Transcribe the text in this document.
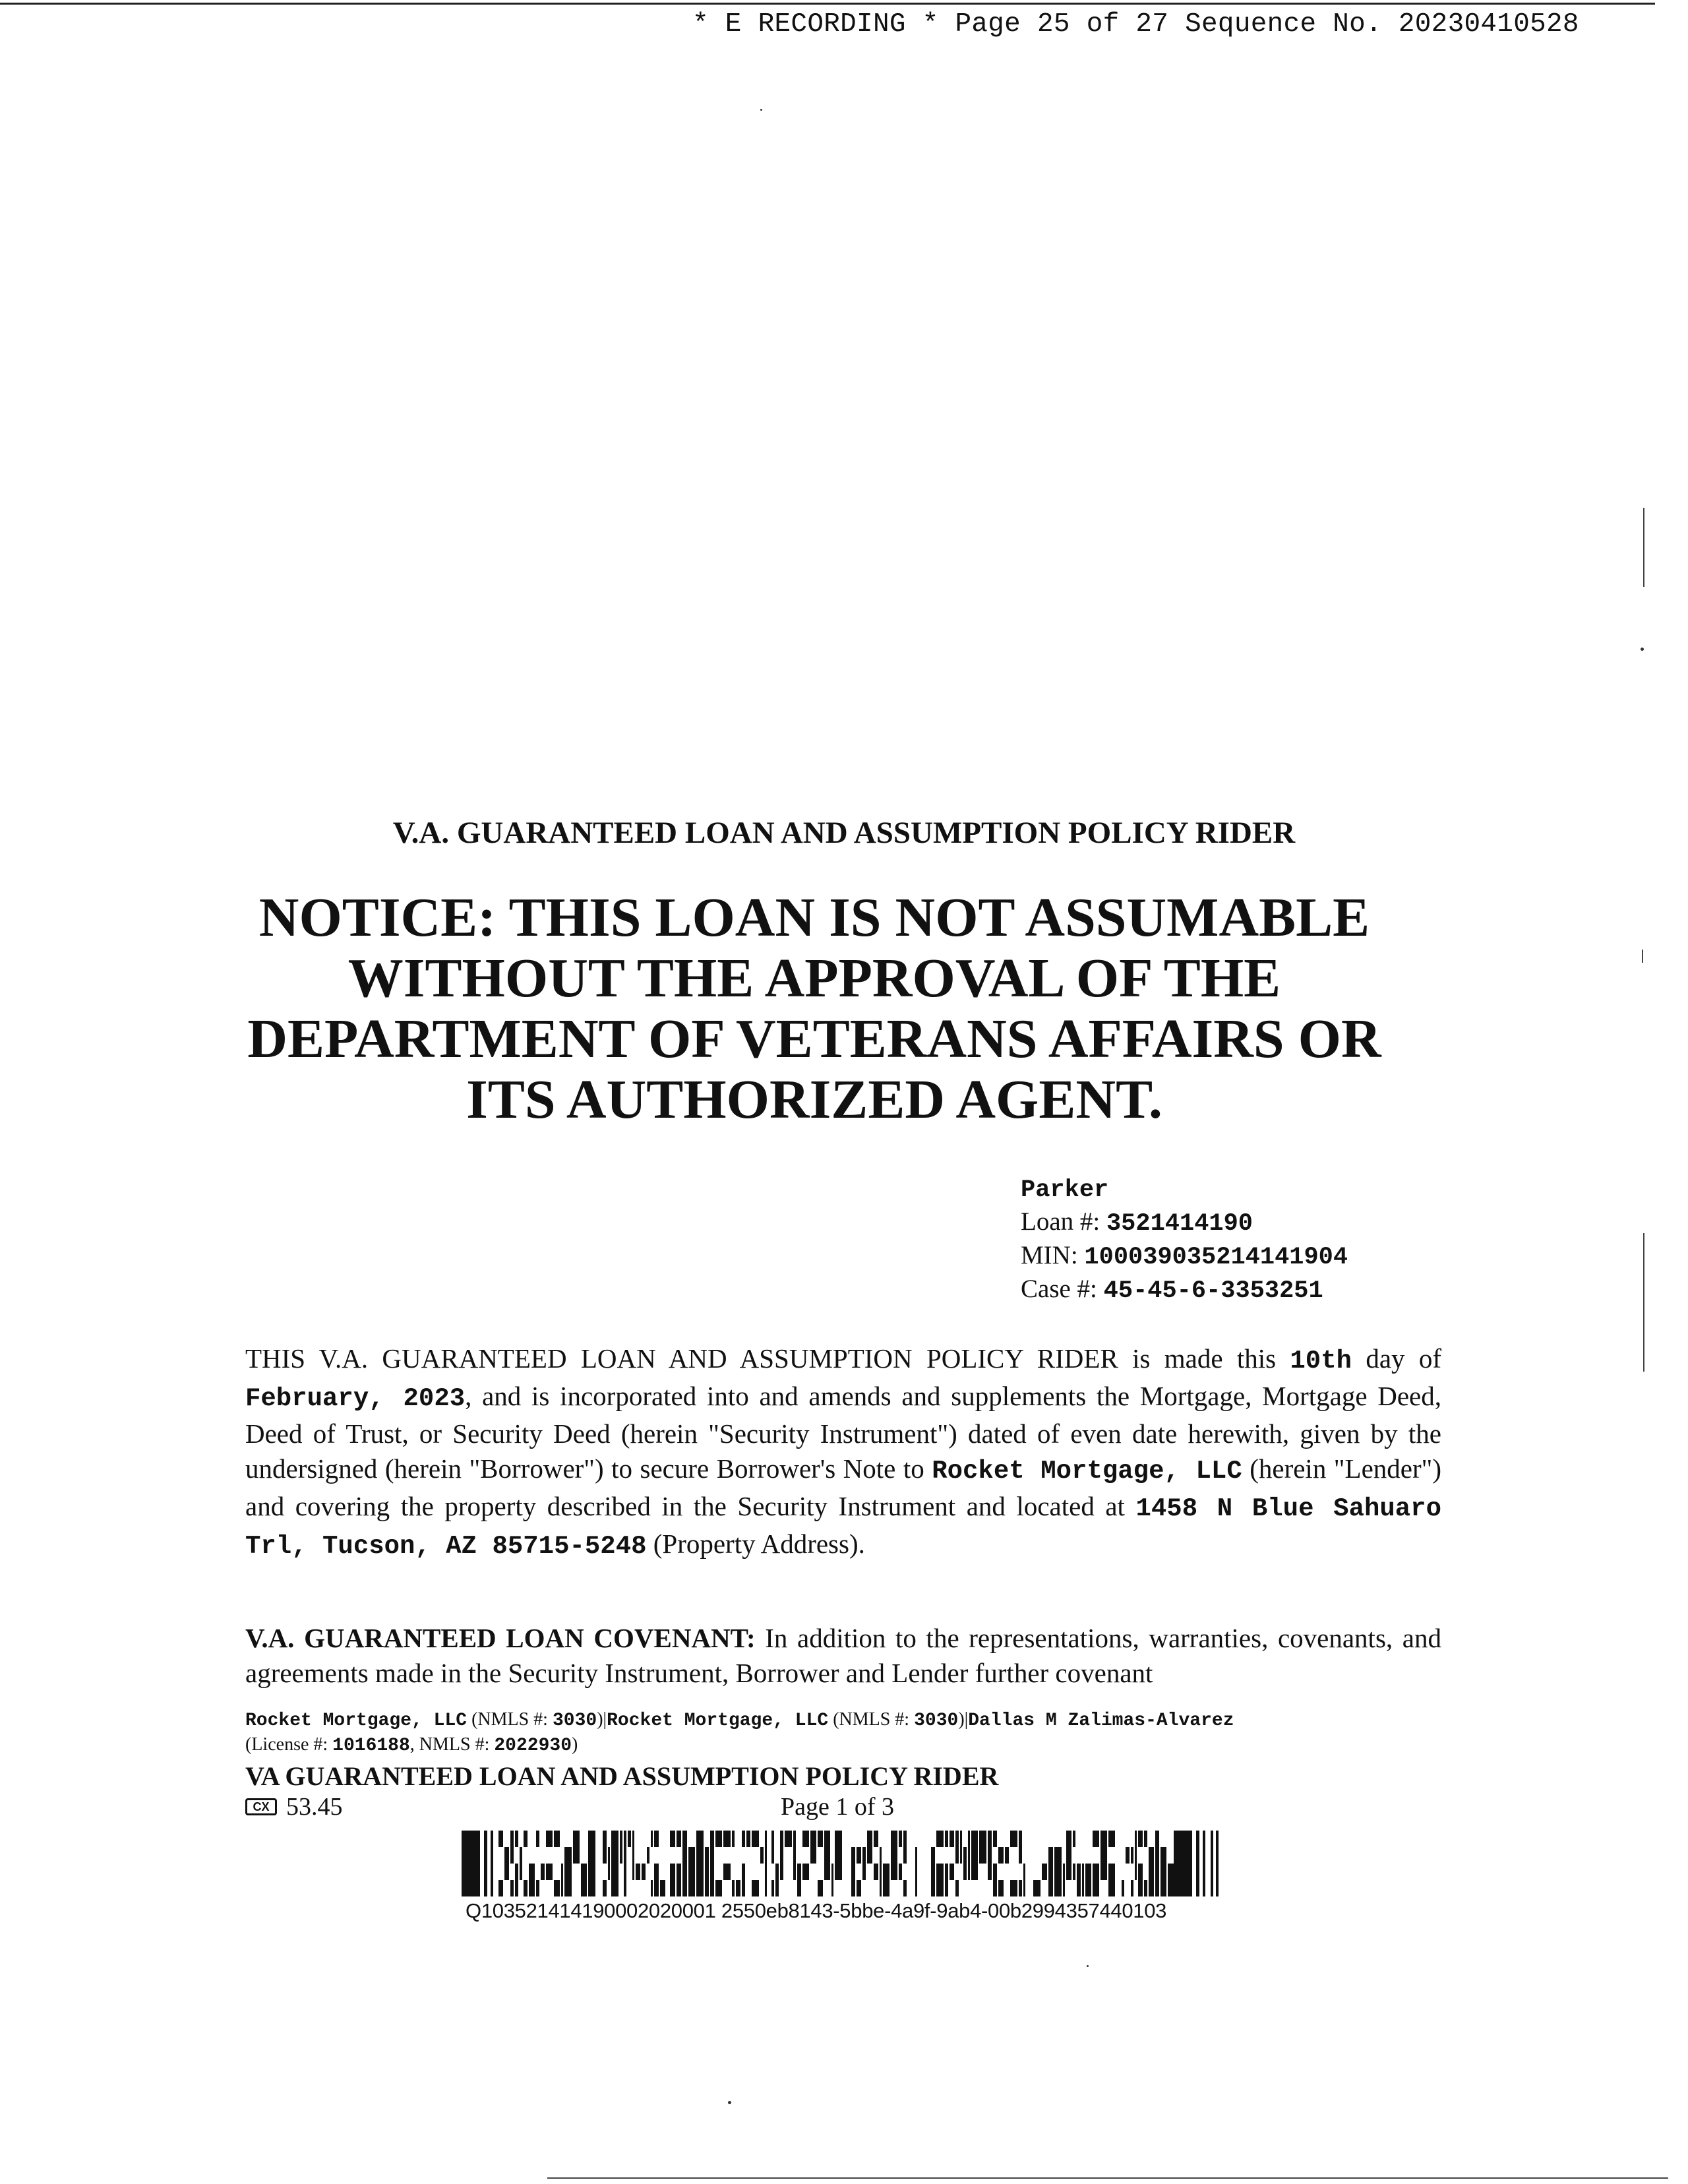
* E RECORDING * Page 25 of 27 Sequence No. 20230410528
V.A. GUARANTEED LOAN AND ASSUMPTION POLICY RIDER
NOTICE: THIS LOAN IS NOT ASSUMABLE
WITHOUT THE APPROVAL OF THE
DEPARTMENT OF VETERANS AFFAIRS OR
ITS AUTHORIZED AGENT.
Parker
Loan #: 3521414190
MIN: 100039035214141904
Case #: 45-45-6-3353251
THIS V.A. GUARANTEED LOAN AND ASSUMPTION POLICY RIDER is made this 10th day of February, 2023, and is incorporated into and amends and supplements the Mortgage, Mortgage Deed, Deed of Trust, or Security Deed (herein "Security Instrument") dated of even date herewith, given by the undersigned (herein "Borrower") to secure Borrower's Note to Rocket Mortgage, LLC (herein "Lender") and covering the property described in the Security Instrument and located at 1458 N Blue Sahuaro Trl, Tucson, AZ 85715-5248 (Property Address).
V.A. GUARANTEED LOAN COVENANT: In addition to the representations, warranties, covenants, and agreements made in the Security Instrument, Borrower and Lender further covenant
Rocket Mortgage, LLC (NMLS #: 3030)|Rocket Mortgage, LLC (NMLS #: 3030)|Dallas M Zalimas-Alvarez
(License #: 1016188, NMLS #: 2022930)
VA GUARANTEED LOAN AND ASSUMPTION POLICY RIDER
CX 53.45	Page 1 of 3
Q103521414190002020001 2550eb8143-5bbe-4a9f-9ab4-00b2994357440103
